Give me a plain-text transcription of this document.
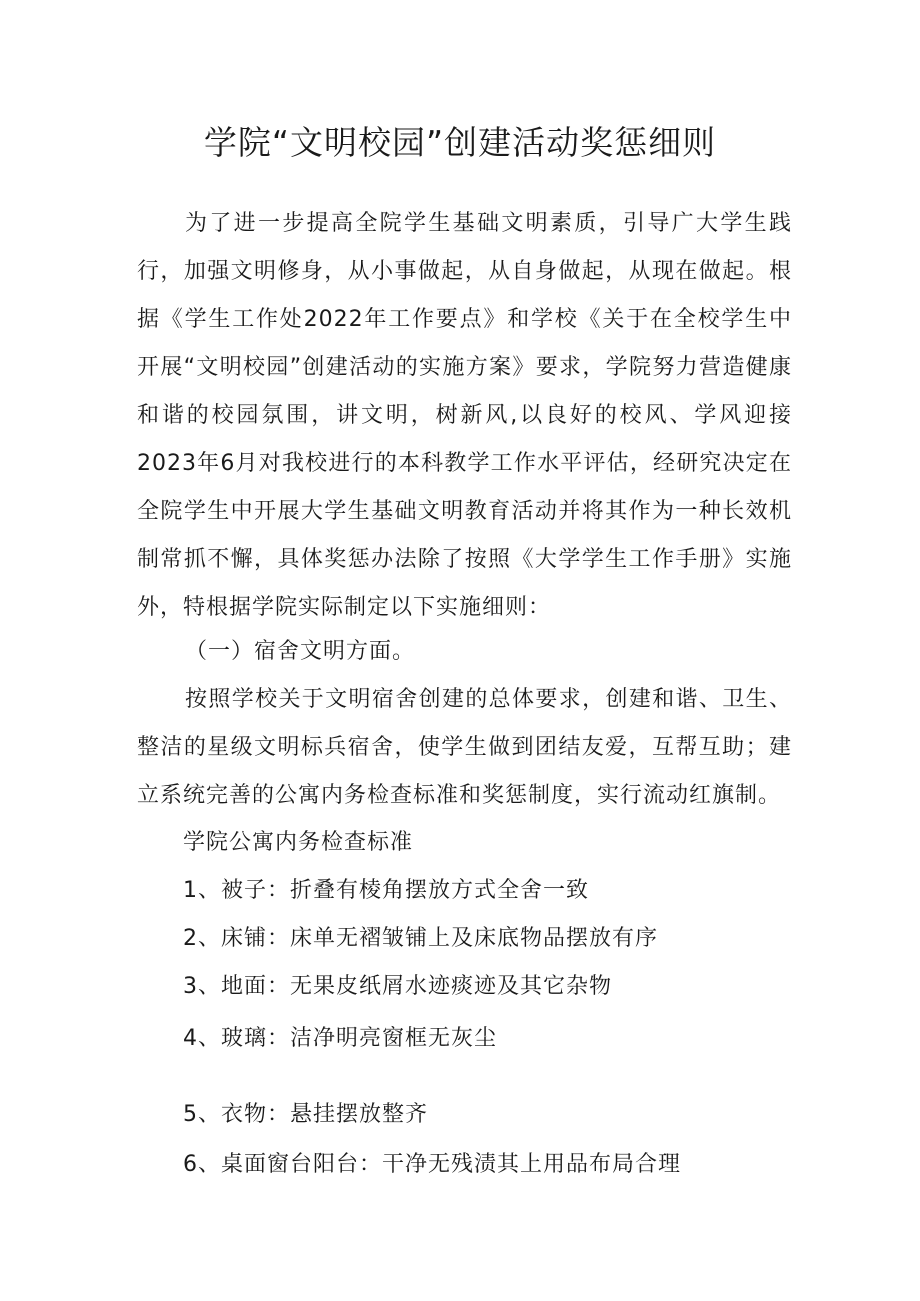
学院“文明校园”创建活动奖惩细则

为了进一步提高全院学生基础文明素质，引导广大学生践行，加强文明修身，从小事做起，从自身做起，从现在做起。根据《学生工作处2022年工作要点》和学校《关于在全校学生中开展“文明校园”创建活动的实施方案》要求，学院努力营造健康和谐的校园氛围，讲文明，树新风,以良好的校风、学风迎接2023年6月对我校进行的本科教学工作水平评估，经研究决定在全院学生中开展大学生基础文明教育活动并将其作为一种长效机制常抓不懈，具体奖惩办法除了按照《大学学生工作手册》实施外，特根据学院实际制定以下实施细则：

（一）宿舍文明方面。

按照学校关于文明宿舍创建的总体要求，创建和谐、卫生、整洁的星级文明标兵宿舍，使学生做到团结友爱，互帮互助；建立系统完善的公寓内务检查标准和奖惩制度，实行流动红旗制。

学院公寓内务检查标准

1、被子：折叠有棱角摆放方式全舍一致

2、床铺：床单无褶皱铺上及床底物品摆放有序

3、地面：无果皮纸屑水迹痰迹及其它杂物

4、玻璃：洁净明亮窗框无灰尘

5、衣物：悬挂摆放整齐

6、桌面窗台阳台：干净无残渍其上用品布局合理
